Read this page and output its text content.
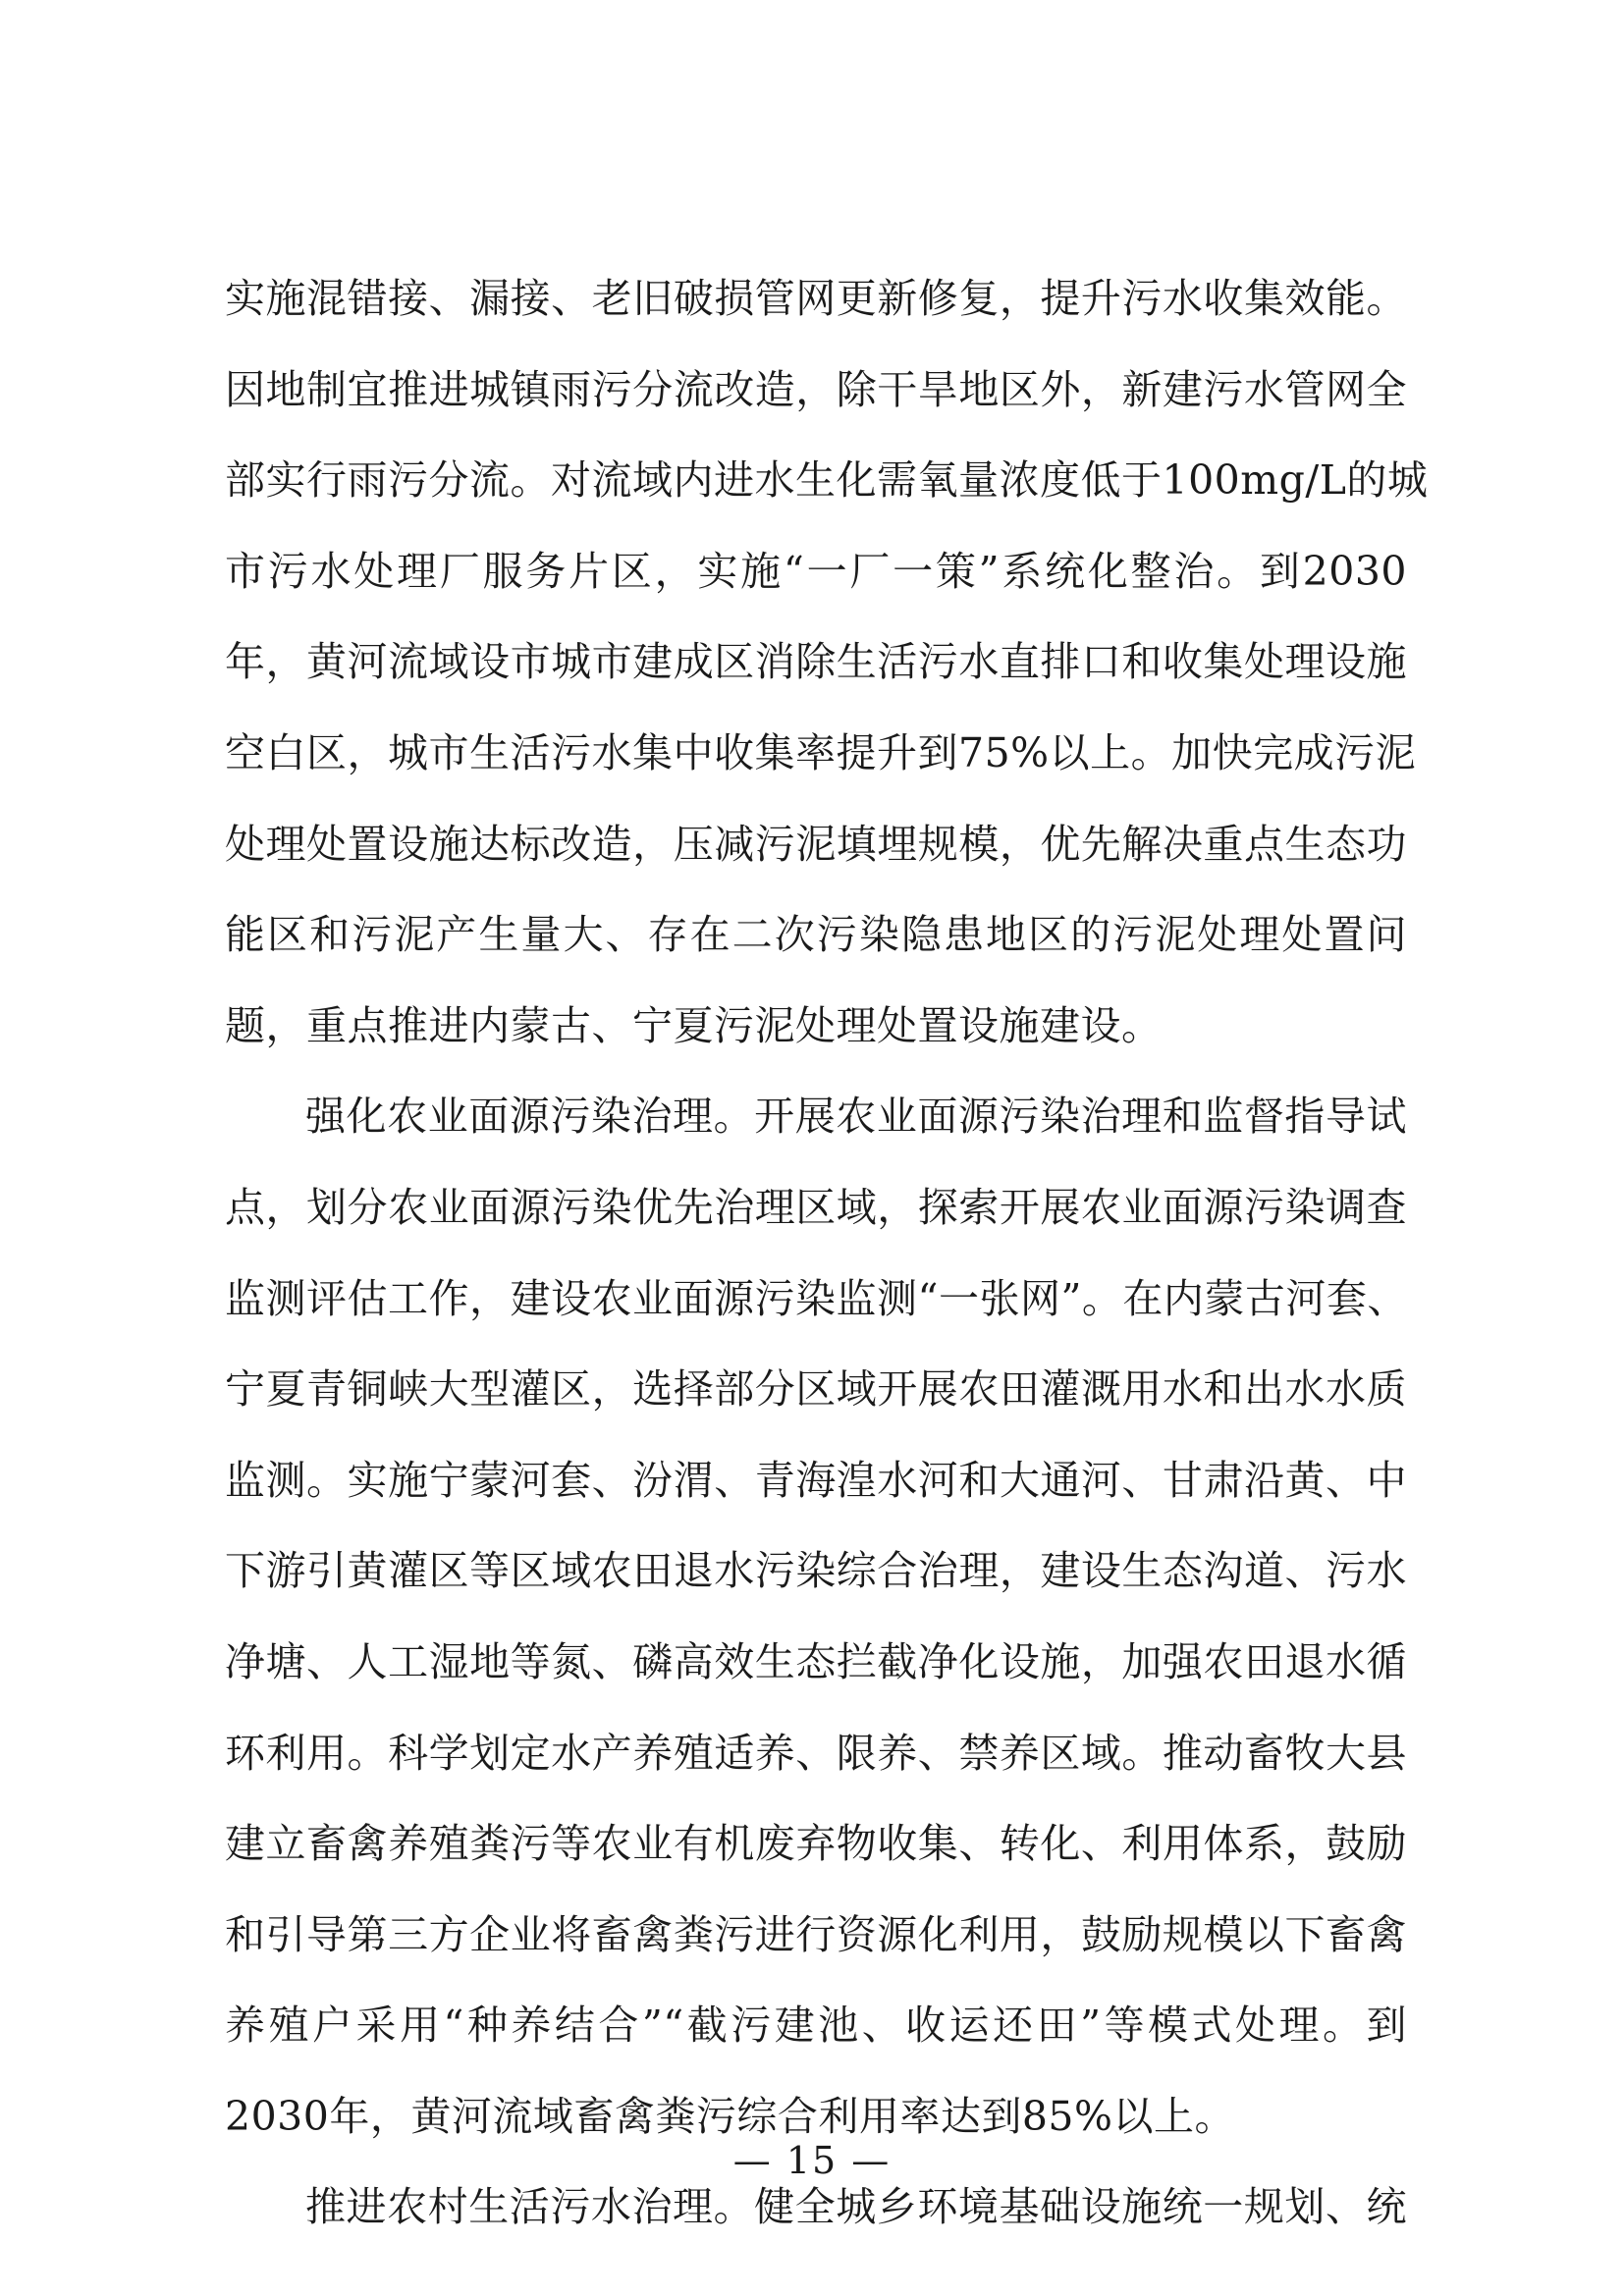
实施混错接、漏接、老旧破损管网更新修复，提升污水收集效能。
因地制宜推进城镇雨污分流改造，除干旱地区外，新建污水管网全
部实行雨污分流。对流域内进水生化需氧量浓度低于100mg/L的城
市污水处理厂服务片区，实施“一厂一策”系统化整治。到2030
年，黄河流域设市城市建成区消除生活污水直排口和收集处理设施
空白区，城市生活污水集中收集率提升到75%以上。加快完成污泥
处理处置设施达标改造，压减污泥填埋规模，优先解决重点生态功
能区和污泥产生量大、存在二次污染隐患地区的污泥处理处置问
题，重点推进内蒙古、宁夏污泥处理处置设施建设。
强化农业面源污染治理。开展农业面源污染治理和监督指导试
点，划分农业面源污染优先治理区域，探索开展农业面源污染调查
监测评估工作，建设农业面源污染监测“一张网”。在内蒙古河套、
宁夏青铜峡大型灌区，选择部分区域开展农田灌溉用水和出水水质
监测。实施宁蒙河套、汾渭、青海湟水河和大通河、甘肃沿黄、中
下游引黄灌区等区域农田退水污染综合治理，建设生态沟道、污水
净塘、人工湿地等氮、磷高效生态拦截净化设施，加强农田退水循
环利用。科学划定水产养殖适养、限养、禁养区域。推动畜牧大县
建立畜禽养殖粪污等农业有机废弃物收集、转化、利用体系，鼓励
和引导第三方企业将畜禽粪污进行资源化利用，鼓励规模以下畜禽
养殖户采用“种养结合”“截污建池、收运还田”等模式处理。到
2030年，黄河流域畜禽粪污综合利用率达到85%以上。
推进农村生活污水治理。健全城乡环境基础设施统一规划、统
— 15 —
